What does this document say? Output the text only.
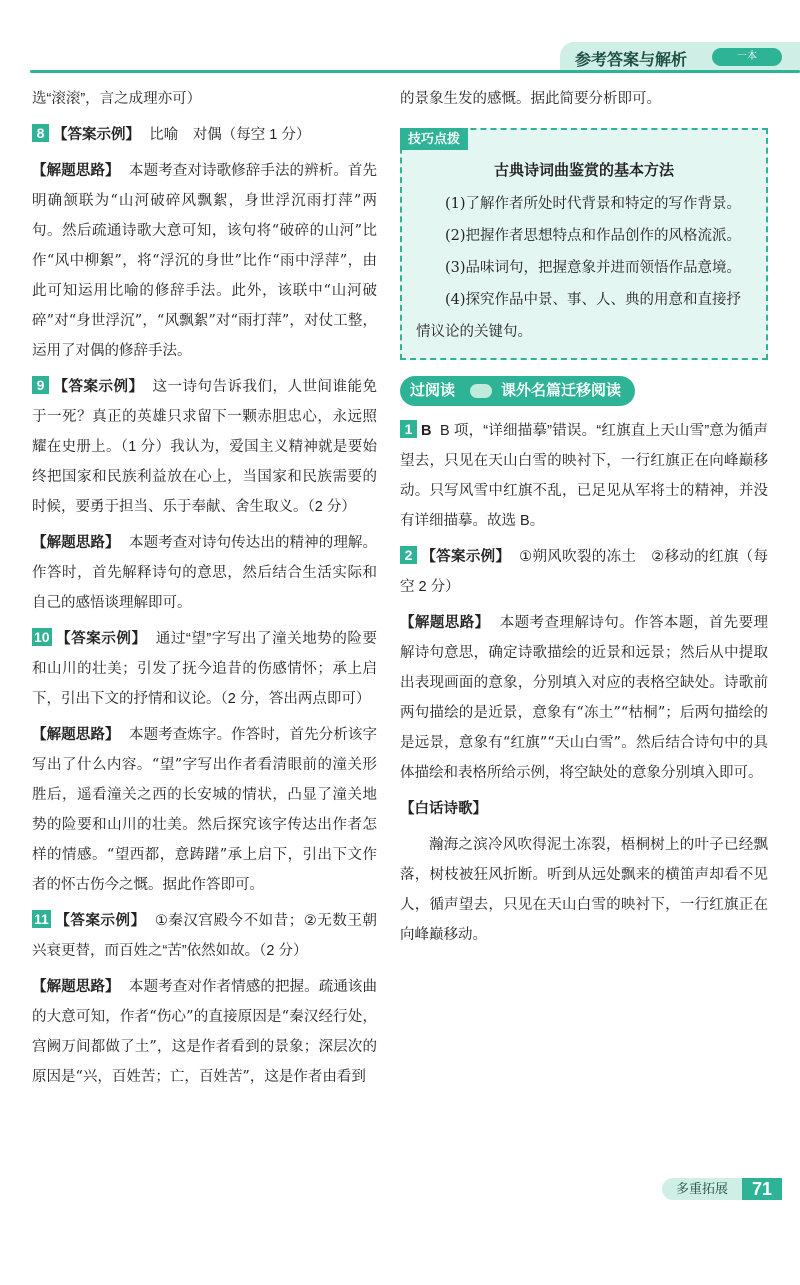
参考答案与解析	一本
选“滚滚”，言之成理亦可）
8 【答案示例】 比喻　对偶（每空 1 分）
【解题思路】 本题考查对诗歌修辞手法的辨析。首先明确颔联为“山河破碎风飘絮，身世浮沉雨打萍”两句。然后疏通诗歌大意可知，该句将“破碎的山河”比作“风中柳絮”，将“浮沉的身世”比作“雨中浮萍”，由此可知运用比喻的修辞手法。此外，该联中“山河破碎”对“身世浮沉”，“风飘絮”对“雨打萍”，对仗工整，运用了对偶的修辞手法。
9 【答案示例】 这一诗句告诉我们，人世间谁能免于一死？真正的英雄只求留下一颗赤胆忠心，永远照耀在史册上。（1 分）我认为，爱国主义精神就是要始终把国家和民族利益放在心上，当国家和民族需要的时候，要勇于担当、乐于奉献、舍生取义。（2 分）
【解题思路】 本题考查对诗句传达出的精神的理解。作答时，首先解释诗句的意思，然后结合生活实际和自己的感悟谈理解即可。
10 【答案示例】 通过“望”字写出了潼关地势的险要和山川的壮美；引发了抚今追昔的伤感情怀；承上启下，引出下文的抒情和议论。（2 分，答出两点即可）
【解题思路】 本题考查炼字。作答时，首先分析该字写出了什么内容。“望”字写出作者看清眼前的潼关形胜后，遥看潼关之西的长安城的情状，凸显了潼关地势的险要和山川的壮美。然后探究该字传达出作者怎样的情感。“望西都，意踌躇”承上启下，引出下文作者的怀古伤今之慨。据此作答即可。
11 【答案示例】 ①秦汉宫殿今不如昔；②无数王朝兴衰更替，而百姓之“苦”依然如故。（2 分）
【解题思路】 本题考查对作者情感的把握。疏通该曲的大意可知，作者“伤心”的直接原因是“秦汉经行处，宫阙万间都做了土”，这是作者看到的景象；深层次的原因是“兴，百姓苦；亡，百姓苦”，这是作者由看到
的景象生发的感慨。据此简要分析即可。
技巧点拨
古典诗词曲鉴赏的基本方法
(1)了解作者所处时代背景和特定的写作背景。
(2)把握作者思想特点和作品创作的风格流派。
(3)品味词句，把握意象并进而领悟作品意境。
(4)探究作品中景、事、人、典的用意和直接抒情议论的关键句。
过阅读	课外名篇迁移阅读
1 B B 项，“详细描摹”错误。“红旗直上天山雪”意为循声望去，只见在天山白雪的映衬下，一行红旗正在向峰巅移动。只写风雪中红旗不乱，已足见从军将士的精神，并没有详细描摹。故选 B。
2 【答案示例】 ①朔风吹裂的冻土　②移动的红旗（每空 2 分）
【解题思路】 本题考查理解诗句。作答本题，首先要理解诗句意思，确定诗歌描绘的近景和远景；然后从中提取出表现画面的意象，分别填入对应的表格空缺处。诗歌前两句描绘的是近景，意象有“冻土”“枯桐”；后两句描绘的是远景，意象有“红旗”“天山白雪”。然后结合诗句中的具体描绘和表格所给示例，将空缺处的意象分别填入即可。
【白话诗歌】
瀚海之滨冷风吹得泥土冻裂，梧桐树上的叶子已经飘落，树枝被狂风折断。听到从远处飘来的横笛声却看不见人，循声望去，只见在天山白雪的映衬下，一行红旗正在向峰巅移动。
多重拓展	71
